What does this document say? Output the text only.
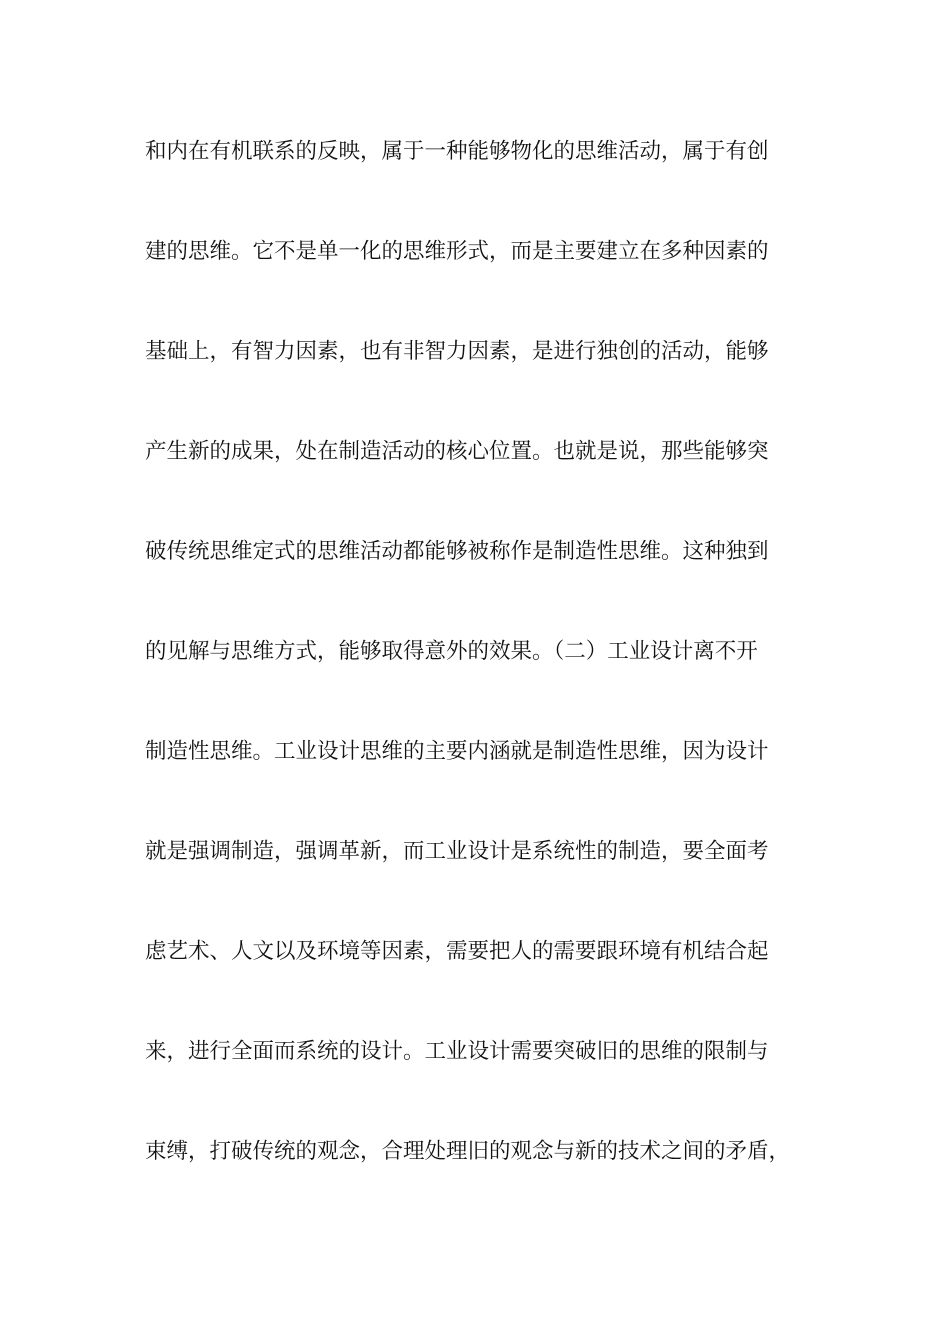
和内在有机联系的反映，属于一种能够物化的思维活动，属于有创
建的思维。它不是单一化的思维形式，而是主要建立在多种因素的
基础上，有智力因素，也有非智力因素，是进行独创的活动，能够
产生新的成果，处在制造活动的核心位置。也就是说，那些能够突
破传统思维定式的思维活动都能够被称作是制造性思维。这种独到
的见解与思维方式，能够取得意外的效果。（二）工业设计离不开
制造性思维。工业设计思维的主要内涵就是制造性思维，因为设计
就是强调制造，强调革新，而工业设计是系统性的制造，要全面考
虑艺术、人文以及环境等因素，需要把人的需要跟环境有机结合起
来，进行全面而系统的设计。工业设计需要突破旧的思维的限制与
束缚，打破传统的观念，合理处理旧的观念与新的技术之间的矛盾，
